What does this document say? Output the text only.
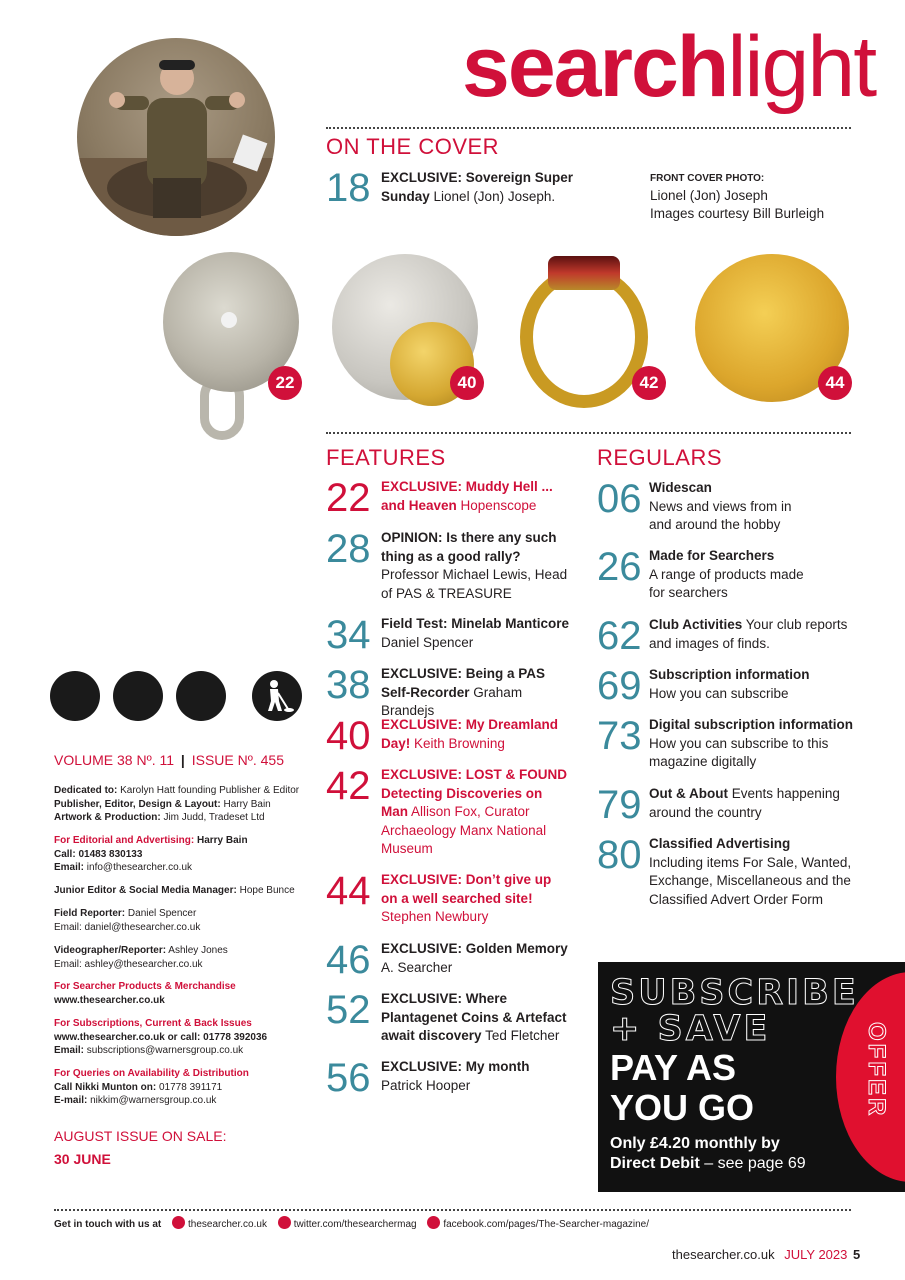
searchlight
ON THE COVER
18 EXCLUSIVE: Sovereign Super Sunday Lionel (Jon) Joseph.
FRONT COVER PHOTO:
Lionel (Jon) Joseph
Images courtesy Bill Burleigh
22	40	42	44
FEATURES
22 EXCLUSIVE: Muddy Hell ... and Heaven Hopenscope
28 OPINION: Is there any such thing as a good rally?
Professor Michael Lewis, Head of PAS & TREASURE
34 Field Test: Minelab Manticore
Daniel Spencer
38 EXCLUSIVE: Being a PAS Self-Recorder Graham Brandejs
40 EXCLUSIVE: My Dreamland Day! Keith Browning
42 EXCLUSIVE: LOST & FOUND Detecting Discoveries on Man Allison Fox, Curator Archaeology Manx National Museum
44 EXCLUSIVE: Don’t give up on a well searched site!
Stephen Newbury
46 EXCLUSIVE: Golden Memory
A. Searcher
52 EXCLUSIVE: Where Plantagenet Coins & Artefact await discovery Ted Fletcher
56 EXCLUSIVE: My month
Patrick Hooper
REGULARS
06 Widescan
News and views from in and around the hobby
26 Made for Searchers
A range of products made for searchers
62 Club Activities Your club reports and images of finds.
69 Subscription information
How you can subscribe
73 Digital subscription information How you can subscribe to this magazine digitally
79 Out & About Events happening around the country
80 Classified Advertising
Including items For Sale, Wanted, Exchange, Miscellaneous and the Classified Advert Order Form
VOLUME 38 Nº. 11 | ISSUE Nº. 455
Dedicated to: Karolyn Hatt founding Publisher & Editor
Publisher, Editor, Design & Layout: Harry Bain
Artwork & Production: Jim Judd, Tradeset Ltd
For Editorial and Advertising: Harry Bain
Call: 01483 830133
Email: info@thesearcher.co.uk
Junior Editor & Social Media Manager: Hope Bunce
Field Reporter: Daniel Spencer
Email: daniel@thesearcher.co.uk
Videographer/Reporter: Ashley Jones
Email: ashley@thesearcher.co.uk
For Searcher Products & Merchandise
www.thesearcher.co.uk
For Subscriptions, Current & Back Issues
www.thesearcher.co.uk or call: 01778 392036
Email: subscriptions@warnersgroup.co.uk
For Queries on Availability & Distribution
Call Nikki Munton on: 01778 391171
E-mail: nikkim@warnersgroup.co.uk
AUGUST ISSUE ON SALE:
30 JUNE
OFFER
SUBSCRIBE
+ SAVE
PAY AS
YOU GO
Only £4.20 monthly by
Direct Debit – see page 69
Get in touch with us at	thesearcher.co.uk	twitter.com/thesearchermag	facebook.com/pages/The-Searcher-magazine/
thesearcher.co.uk JULY 2023 5
